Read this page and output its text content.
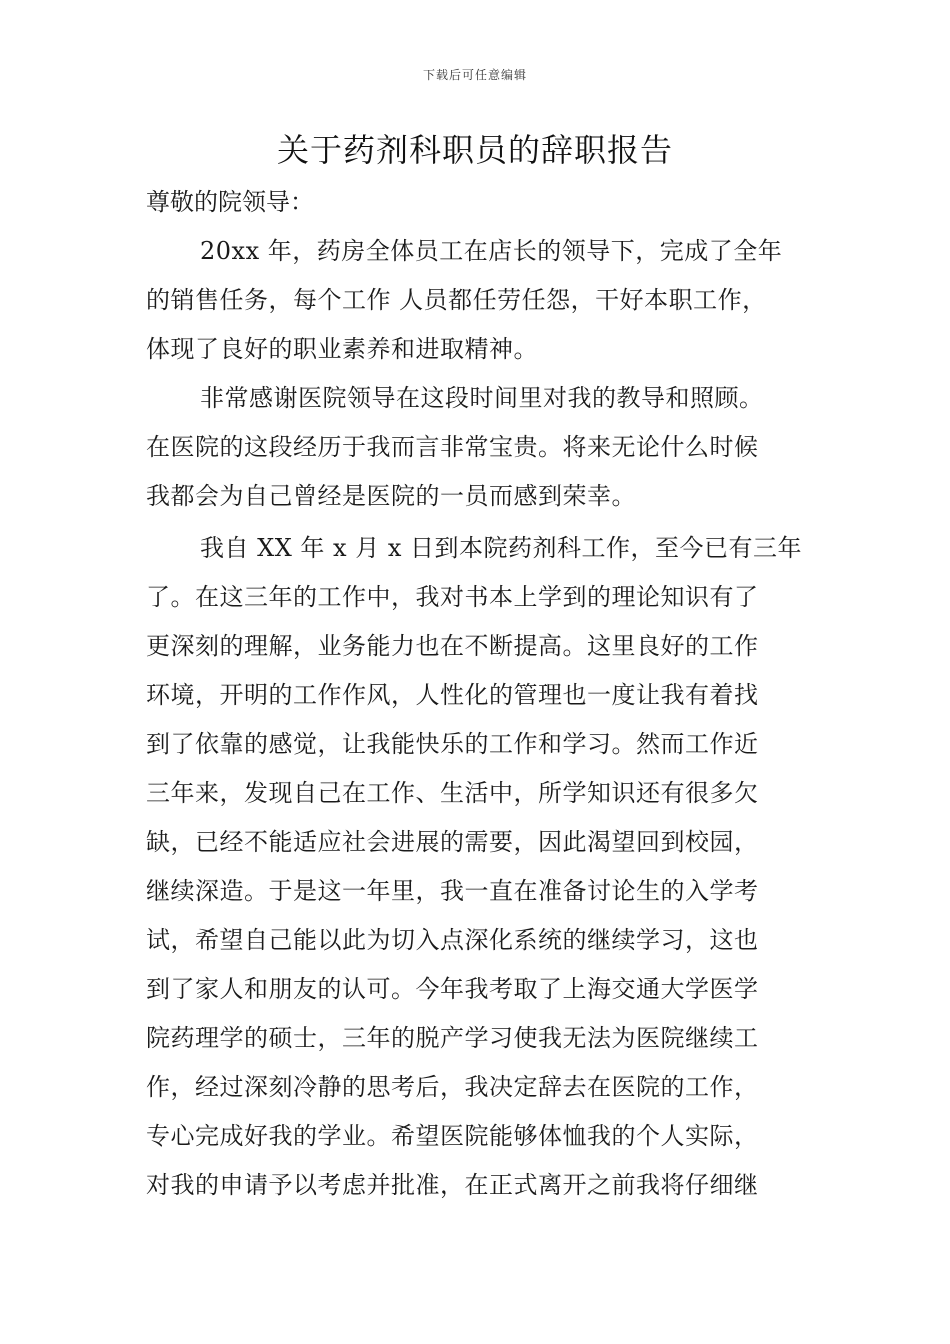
下载后可任意编辑
关于药剂科职员的辞职报告
尊敬的院领导：
20xx 年，药房全体员工在店长的领导下，完成了全年
的销售任务，每个工作 人员都任劳任怨，干好本职工作，
体现了良好的职业素养和进取精神。
非常感谢医院领导在这段时间里对我的教导和照顾。
在医院的这段经历于我而言非常宝贵。将来无论什么时候
我都会为自己曾经是医院的一员而感到荣幸。
我自 XX 年 x 月 x 日到本院药剂科工作，至今已有三年
了。在这三年的工作中，我对书本上学到的理论知识有了
更深刻的理解，业务能力也在不断提高。这里良好的工作
环境，开明的工作作风，人性化的管理也一度让我有着找
到了依靠的感觉，让我能快乐的工作和学习。然而工作近
三年来，发现自己在工作、生活中，所学知识还有很多欠
缺，已经不能适应社会进展的需要，因此渴望回到校园，
继续深造。于是这一年里，我一直在准备讨论生的入学考
试，希望自己能以此为切入点深化系统的继续学习，这也
到了家人和朋友的认可。今年我考取了上海交通大学医学
院药理学的硕士，三年的脱产学习使我无法为医院继续工
作，经过深刻冷静的思考后，我决定辞去在医院的工作，
专心完成好我的学业。希望医院能够体恤我的个人实际，
对我的申请予以考虑并批准，在正式离开之前我将仔细继
